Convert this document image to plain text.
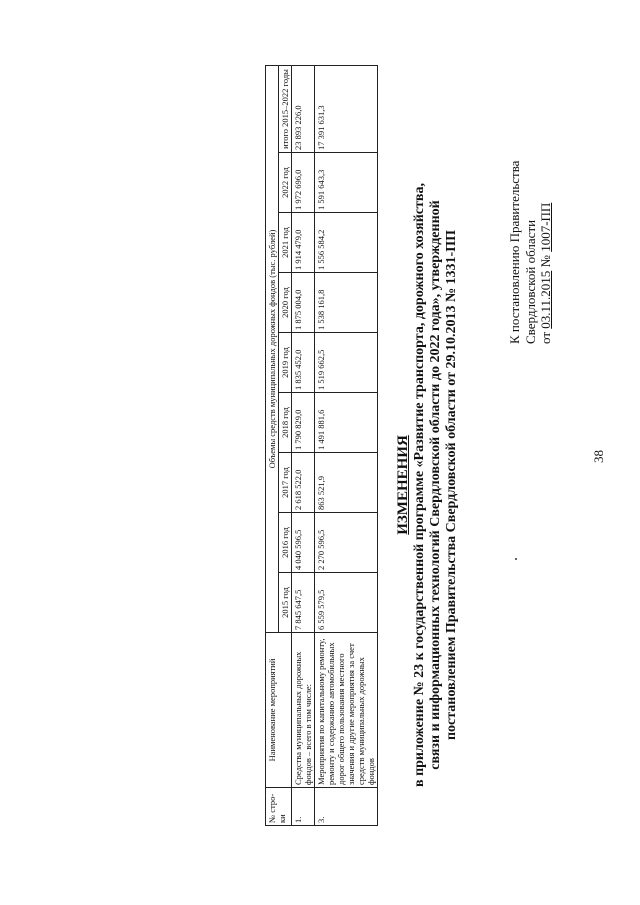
38
К постановлению Правительства Свердловской области от 03.11.2015 № 1007-ПП
ИЗМЕНЕНИЯ в приложение № 23 к государственной программе «Развитие транспорта, дорожного хозяйства, связи и информационных технологий Свердловской области до 2022 года», утвержденной постановлением Правительства Свердловской области от 29.10.2013 № 1331-ПП
№ стро-ки	Наименование мероприятий	Объемы средств муниципальных дорожных фондов (тыс. рублей)								
		2015 год	2016 год	2017 год	2018 год	2019 год	2020 год	2021 год	2022 год	итого 2015–2022 годы
1.	Средства муниципальных дорожных фондов – всего в том числе:	7 845 647,5	4 040 596,5	2 618 522,0	1 790 829,0	1 835 452,0	1 875 004,0	1 914 479,0	1 972 696,0	23 893 226,0
3.	Мероприятия по капитальному ремонту, ремонту и содержанию автомобильных дорог общего пользования местного значения и другие мероприятия за счет средств муниципальных дорожных фондов	6 559 579,5	2 270 596,5	863 521,9	1 491 881,6	1 519 662,5	1 538 161,8	1 556 584,2	1 591 643,3	17 391 631,3
